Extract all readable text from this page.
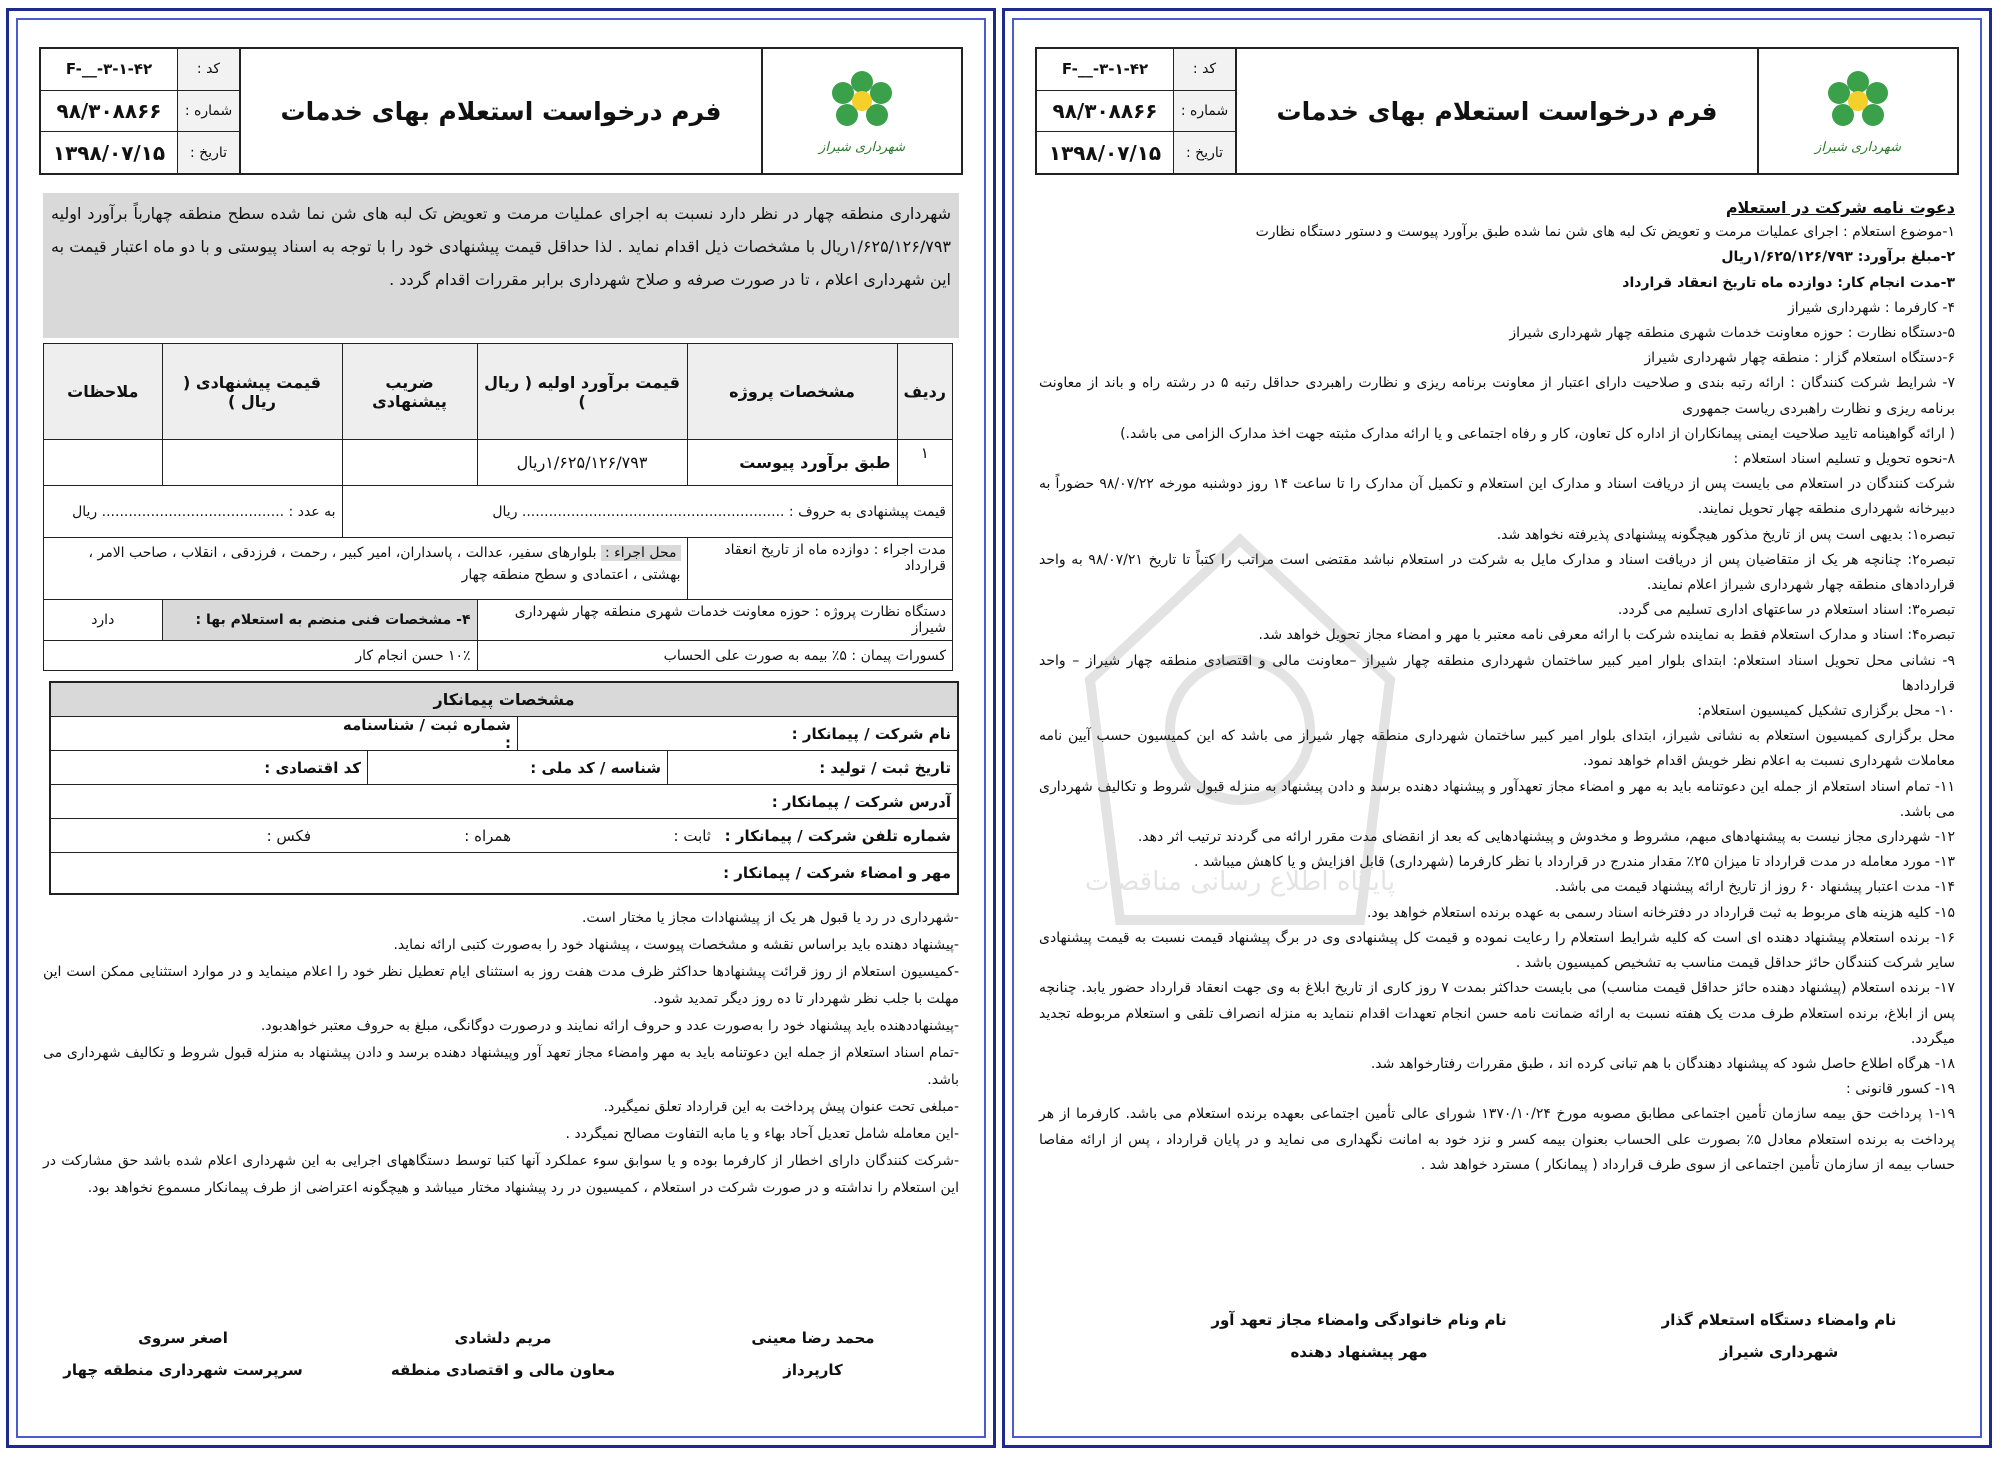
شهرداری شیراز
فرم درخواست استعلام بهای خدمات
کد :
F-__-۳-۱-۴۲
شماره :
۹۸/۳۰۸۸۶۶
تاریخ :
۱۳۹۸/۰۷/۱۵
شهرداری منطقه چهار در نظر دارد نسبت به اجرای عملیات مرمت و تعویض تک لبه های شن نما شده سطح منطقه چهارباً برآورد اولیه ۱/۶۲۵/۱۲۶/۷۹۳ریال با مشخصات ذیل اقدام نماید . لذا حداقل قیمت پیشنهادی خود را با توجه به اسناد پیوستی و با دو ماه اعتبار قیمت به این شهرداری اعلام ، تا در صورت صرفه و صلاح شهرداری برابر مقررات اقدام گردد .
ردیف	مشخصات پروژه	قیمت برآورد اولیه ( ریال )	ضریب پیشنهادی	قیمت پیشنهادی ( ریال )	ملاحظات
۱	طبق برآورد پیوست	۱/۶۲۵/۱۲۶/۷۹۳ریال			
قیمت پیشنهادی به حروف : ........................................................... ریال				به عدد : ......................................... ریال	
مدت اجراء : دوازده ماه از تاریخ انعقاد قرارداد		محل اجراء : بلوارهای سفیر، عدالت ، پاسداران، امیر کبیر ، رحمت ، فرزدقی ، انقلاب ، صاحب الامر ، بهشتی ، اعتمادی و سطح منطقه چهار			
دستگاه نظارت پروژه : حوزه معاونت خدمات شهری منطقه چهار شهرداری شیراز			۴- مشخصات فنی منضم به استعلام بها :		دارد
کسورات پیمان : ۵٪ بیمه به صورت علی الحساب			۱۰٪ حسن انجام کار		
مشخصات پیمانکار
نام شرکت / پیمانکار :
شماره ثبت / شناسنامه :
تاریخ ثبت / تولید :
شناسه / کد ملی :
کد اقتصادی :
آدرس شرکت / پیمانکار :
شماره تلفن شرکت / پیمانکار :
ثابت :
همراه :
فکس :
مهر و امضاء شرکت / پیمانکار :

-شهرداری در رد یا قبول هر یک از پیشنهادات مجاز یا مختار است.

-پیشنهاد دهنده باید براساس نقشه و مشخصات پیوست ، پیشنهاد خود را به‌صورت کتبی ارائه نماید.

-کمیسیون استعلام از روز قرائت پیشنهادها حداکثر ظرف مدت هفت روز به استثنای ایام تعطیل نظر خود را اعلام مینماید و در موارد استثنایی ممکن است این مهلت با جلب نظر شهردار تا ده روز دیگر تمدید شود.

-پیشنهاددهنده باید پیشنهاد خود را به‌صورت عدد و حروف ارائه نمایند و درصورت دوگانگی، مبلغ به حروف معتبر خواهدبود.

-تمام اسناد استعلام از جمله این دعوتنامه باید به مهر وامضاء مجاز تعهد آور وپیشنهاد دهنده برسد و دادن پیشنهاد به منزله قبول شروط و تکالیف شهرداری می باشد.

-مبلغی تحت عنوان پیش پرداخت به این قرارداد تعلق نمیگیرد.

-این معامله شامل تعدیل آحاد بهاء و یا مابه التفاوت مصالح نمیگردد .

-شرکت کنندگان دارای اخطار از کارفرما بوده و یا سوابق سوء عملکرد آنها کتبا توسط دستگاههای اجرایی به این شهرداری اعلام شده باشد حق مشارکت در این استعلام را نداشته و در صورت شرکت در استعلام ، کمیسیون در رد پیشنهاد مختار میباشد و هیچگونه اعتراضی از طرف پیمانکار مسموع نخواهد بود.

محمد رضا معینی
کارپرداز
مریم دلشادی
معاون مالی و اقتصادی منطقه
اصغر سروی
سرپرست شهرداری منطقه چهار
شهرداری شیراز
فرم درخواست استعلام بهای خدمات
کد :
F-__-۳-۱-۴۲
شماره :
۹۸/۳۰۸۸۶۶
تاریخ :
۱۳۹۸/۰۷/۱۵

دعوت نامه شرکت در استعلام

۱-موضوع استعلام : اجرای عملیات مرمت و تعویض تک لبه های شن نما شده طبق برآورد پیوست و دستور دستگاه نظارت

۲-مبلغ برآورد: ۱/۶۲۵/۱۲۶/۷۹۳ریال

۳-مدت انجام کار: دوازده ماه تاریخ انعقاد قرارداد

۴- کارفرما : شهرداری شیراز

۵-دستگاه نظارت : حوزه معاونت خدمات شهری منطقه چهار شهرداری شیراز

۶-دستگاه استعلام گزار : منطقه چهار شهرداری شیراز

۷- شرایط شرکت کنندگان : ارائه رتبه بندی و صلاحیت دارای اعتبار از معاونت برنامه ریزی و نظارت راهبردی حداقل رتبه ۵ در رشته راه و باند از معاونت برنامه ریزی و نظارت راهبردی ریاست جمهوری

( ارائه گواهینامه تایید صلاحیت ایمنی پیمانکاران از اداره کل تعاون، کار و رفاه اجتماعی و یا ارائه مدارک مثبته جهت اخذ مدارک الزامی می باشد.)

۸-نحوه تحویل و تسلیم اسناد استعلام :

شرکت کنندگان در استعلام می بایست پس از دریافت اسناد و مدارک این استعلام و تکمیل آن مدارک را تا ساعت ۱۴ روز دوشنبه مورخه ۹۸/۰۷/۲۲ حضوراً به دبیرخانه شهرداری منطقه چهار تحویل نمایند.

تبصره۱: بدیهی است پس از تاریخ مذکور هیچگونه پیشنهادی پذیرفته نخواهد شد.

تبصره۲: چنانچه هر یک از متقاضیان پس از دریافت اسناد و مدارک مایل به شرکت در استعلام نباشد مقتضی است مراتب را کتباً تا تاریخ ۹۸/۰۷/۲۱ به واحد قراردادهای منطقه چهار شهرداری شیراز اعلام نمایند.

تبصره۳: اسناد استعلام در ساعتهای اداری تسلیم می گردد.

تبصره۴: اسناد و مدارک استعلام فقط به نماینده شرکت با ارائه معرفی نامه معتبر با مهر و امضاء مجاز تحویل خواهد شد.

۹- نشانی محل تحویل اسناد استعلام: ابتدای بلوار امیر کبیر ساختمان شهرداری منطقه چهار شیراز –معاونت مالی و اقتصادی منطقه چهار شیراز – واحد قراردادها

۱۰- محل برگزاری تشکیل کمیسیون استعلام:

محل برگزاری کمیسیون استعلام به نشانی شیراز، ابتدای بلوار امیر کبیر ساختمان شهرداری منطقه چهار شیراز می باشد که این کمیسیون حسب آیین نامه معاملات شهرداری نسبت به اعلام نظر خویش اقدام خواهد نمود.

۱۱- تمام اسناد استعلام از جمله این دعوتنامه باید به مهر و امضاء مجاز تعهدآور و پیشنهاد دهنده برسد و دادن پیشنهاد به منزله قبول شروط و تکالیف شهرداری می باشد.

۱۲- شهرداری مجاز نیست به پیشنهادهای مبهم، مشروط و مخدوش و پیشنهادهایی که بعد از انقضای مدت مقرر ارائه می گردند ترتیب اثر دهد.

۱۳- مورد معامله در مدت قرارداد تا میزان ۲۵٪ مقدار مندرج در قرارداد با نظر کارفرما (شهرداری) قابل افزایش و یا کاهش میباشد .

۱۴- مدت اعتبار پیشنهاد ۶۰ روز از تاریخ ارائه پیشنهاد قیمت می باشد.

۱۵- کلیه هزینه های مربوط به ثبت قرارداد در دفترخانه اسناد رسمی به عهده برنده استعلام خواهد بود.

۱۶- برنده استعلام پیشنهاد دهنده ای است که کلیه شرایط استعلام را رعایت نموده و قیمت کل پیشنهادی وی در برگ پیشنهاد قیمت نسبت به قیمت پیشنهادی سایر شرکت کنندگان حائز حداقل قیمت مناسب به تشخیص کمیسیون باشد .

۱۷- برنده استعلام (پیشنهاد دهنده حائز حداقل قیمت مناسب) می بایست حداکثر بمدت ۷ روز کاری از تاریخ ابلاغ به وی جهت انعقاد قرارداد حضور یابد. چنانچه پس از ابلاغ، برنده استعلام طرف مدت یک هفته نسبت به ارائه ضمانت نامه حسن انجام تعهدات اقدام ننماید به منزله انصراف تلقی و استعلام مربوطه تجدید میگردد.

۱۸- هرگاه اطلاع حاصل شود که پیشنهاد دهندگان با هم تبانی کرده اند ، طبق مقررات رفتارخواهد شد.

۱۹- کسور قانونی :

۱-۱۹ پرداخت حق بیمه سازمان تأمین اجتماعی مطابق مصوبه مورخ ۱۳۷۰/۱۰/۲۴ شورای عالی تأمین اجتماعی بعهده برنده استعلام می باشد. کارفرما از هر پرداخت به برنده استعلام معادل ۵٪ بصورت علی الحساب بعنوان بیمه کسر و نزد خود به امانت نگهداری می نماید و در پایان قرارداد ، پس از ارائه مفاصا حساب بیمه از سازمان تأمین اجتماعی از سوی طرف قرارداد ( پیمانکار ) مسترد خواهد شد .

نام وامضاء دستگاه استعلام گذار
شهرداری شیراز
نام ونام خانوادگی وامضاء مجاز تعهد آور
مهر پیشنهاد دهنده
